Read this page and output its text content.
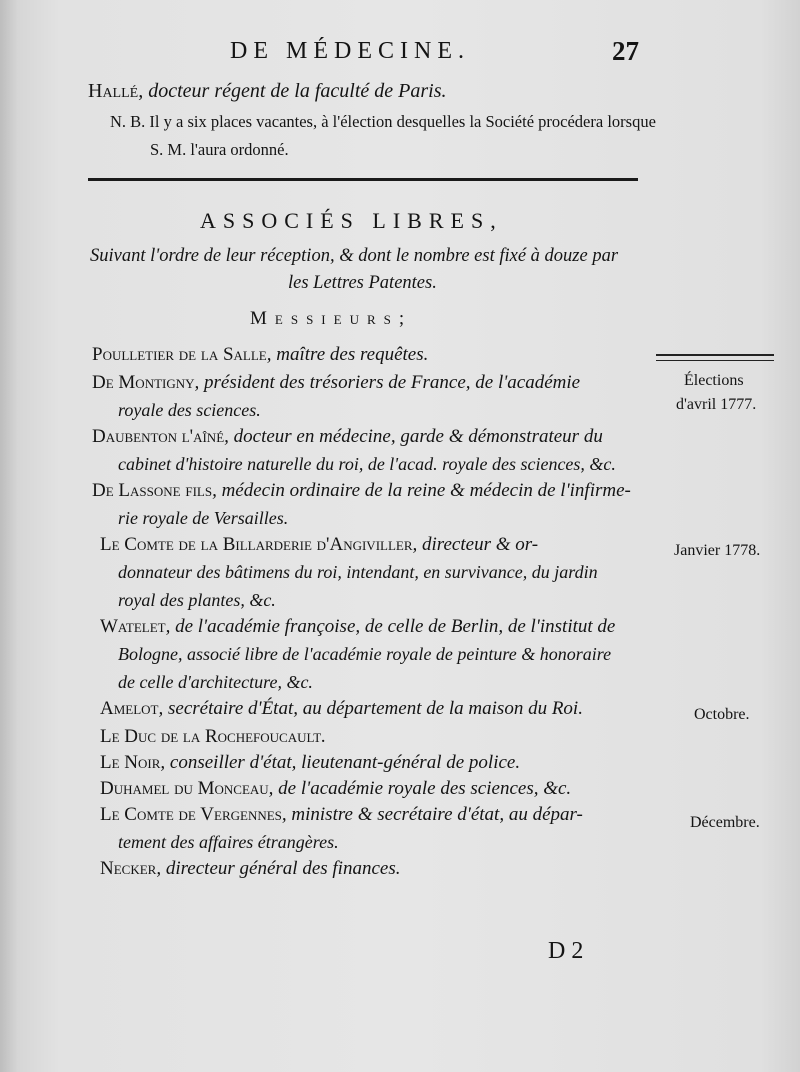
DE MÉDECINE.	27
Hallé, docteur régent de la faculté de Paris.
N. B. Il y a six places vacantes, à l'élection desquelles la Société procédera lorsque
S. M. l'aura ordonné.
ASSOCIÉS LIBRES,
Suivant l'ordre de leur réception, & dont le nombre est fixé à douze par
les Lettres Patentes.
Messieurs;
Poulletier de la Salle, maître des requêtes.
De Montigny, président des trésoriers de France, de l'académie
royale des sciences.
Daubenton l'aîné, docteur en médecine, garde & démonstrateur du
cabinet d'histoire naturelle du roi, de l'acad. royale des sciences, &c.
De Lassone fils, médecin ordinaire de la reine & médecin de l'infirme-
rie royale de Versailles.
Le Comte de la Billarderie d'Angiviller, directeur & or-
donnateur des bâtimens du roi, intendant, en survivance, du jardin
royal des plantes, &c.
Watelet, de l'académie françoise, de celle de Berlin, de l'institut de
Bologne, associé libre de l'académie royale de peinture & honoraire
de celle d'architecture, &c.
Amelot, secrétaire d'État, au département de la maison du Roi.
Le Duc de la Rochefoucault.
Le Noir, conseiller d'état, lieutenant-général de police.
Duhamel du Monceau, de l'académie royale des sciences, &c.
Le Comte de Vergennes, ministre & secrétaire d'état, au dépar-
tement des affaires étrangères.
Necker, directeur général des finances.
Élections
d'avril 1777.
Janvier 1778.
Octobre.
Décembre.
D 2
